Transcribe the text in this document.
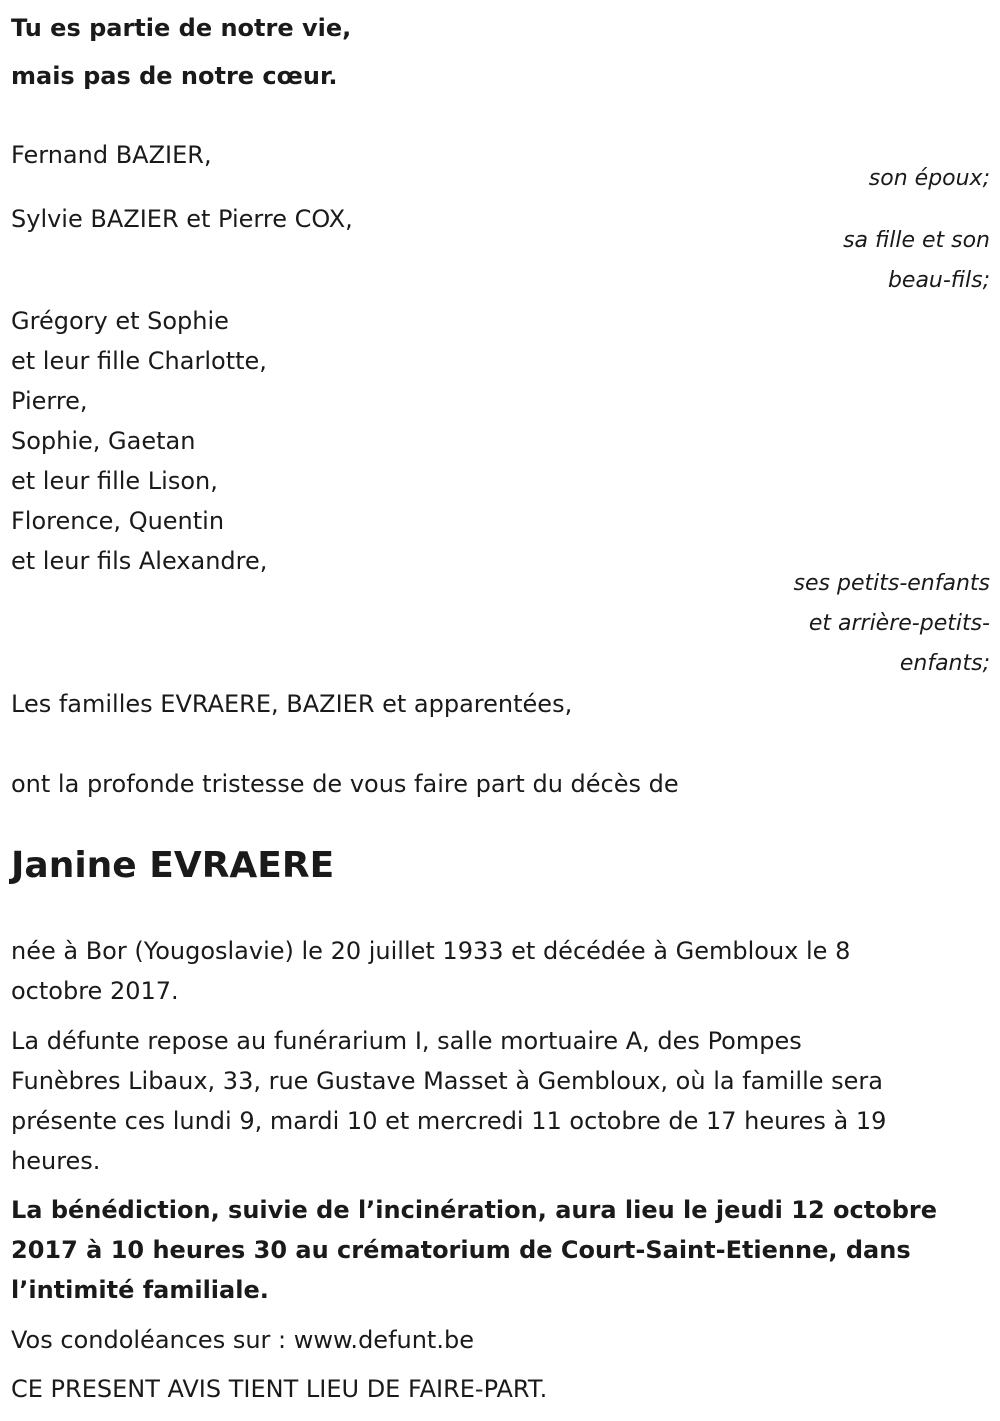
Tu es partie de notre vie,

mais pas de notre cœur.

Fernand BAZIER,

son époux;

Sylvie BAZIER et Pierre COX,

sa fille et son

beau-fils;

Grégory et Sophie
et leur fille Charlotte,
Pierre,
Sophie, Gaetan
et leur fille Lison,
Florence, Quentin
et leur fils Alexandre,

ses petits-enfants

et arrière-petits-

enfants;

Les familles EVRAERE, BAZIER et apparentées,

ont la profonde tristesse de vous faire part du décès de

Janine EVRAERE

née à Bor (Yougoslavie) le 20 juillet 1933 et décédée à Gembloux le 8
octobre 2017.
La défunte repose au funérarium I, salle mortuaire A, des Pompes
Funèbres Libaux, 33, rue Gustave Masset à Gembloux, où la famille sera
présente ces lundi 9, mardi 10 et mercredi 11 octobre de 17 heures à 19
heures.
La bénédiction, suivie de l’incinération, aura lieu le jeudi 12 octobre
2017 à 10 heures 30 au crématorium de Court-Saint-Etienne, dans
l’intimité familiale.

Vos condoléances sur : www.defunt.be

CE PRESENT AVIS TIENT LIEU DE FAIRE-PART.
